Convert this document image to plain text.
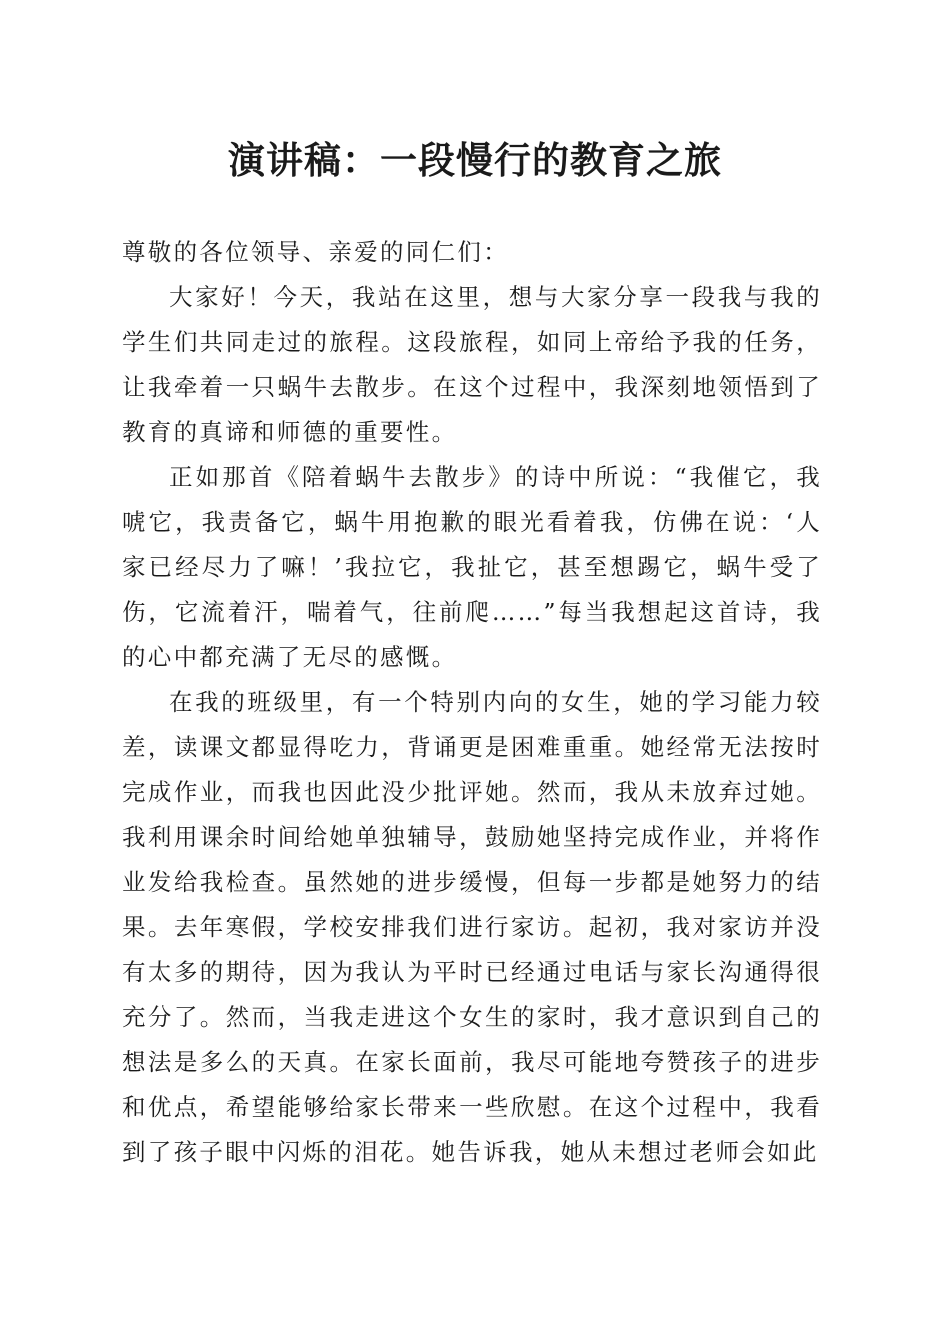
演讲稿：一段慢行的教育之旅

尊敬的各位领导、亲爱的同仁们：

大家好！今天，我站在这里，想与大家分享一段我与我的学生们共同走过的旅程。这段旅程，如同上帝给予我的任务，让我牵着一只蜗牛去散步。在这个过程中，我深刻地领悟到了教育的真谛和师德的重要性。

正如那首《陪着蜗牛去散步》的诗中所说：“我催它，我唬它，我责备它，蜗牛用抱歉的眼光看着我，仿佛在说：‘人家已经尽力了嘛！’我拉它，我扯它，甚至想踢它，蜗牛受了伤，它流着汗，喘着气，往前爬……”每当我想起这首诗，我的心中都充满了无尽的感慨。

在我的班级里，有一个特别内向的女生，她的学习能力较差，读课文都显得吃力，背诵更是困难重重。她经常无法按时完成作业，而我也因此没少批评她。然而，我从未放弃过她。我利用课余时间给她单独辅导，鼓励她坚持完成作业，并将作业发给我检查。虽然她的进步缓慢，但每一步都是她努力的结果。去年寒假，学校安排我们进行家访。起初，我对家访并没有太多的期待，因为我认为平时已经通过电话与家长沟通得很充分了。然而，当我走进这个女生的家时，我才意识到自己的想法是多么的天真。在家长面前，我尽可能地夸赞孩子的进步和优点，希望能够给家长带来一些欣慰。在这个过程中，我看到了孩子眼中闪烁的泪花。她告诉我，她从未想过老师会如此
